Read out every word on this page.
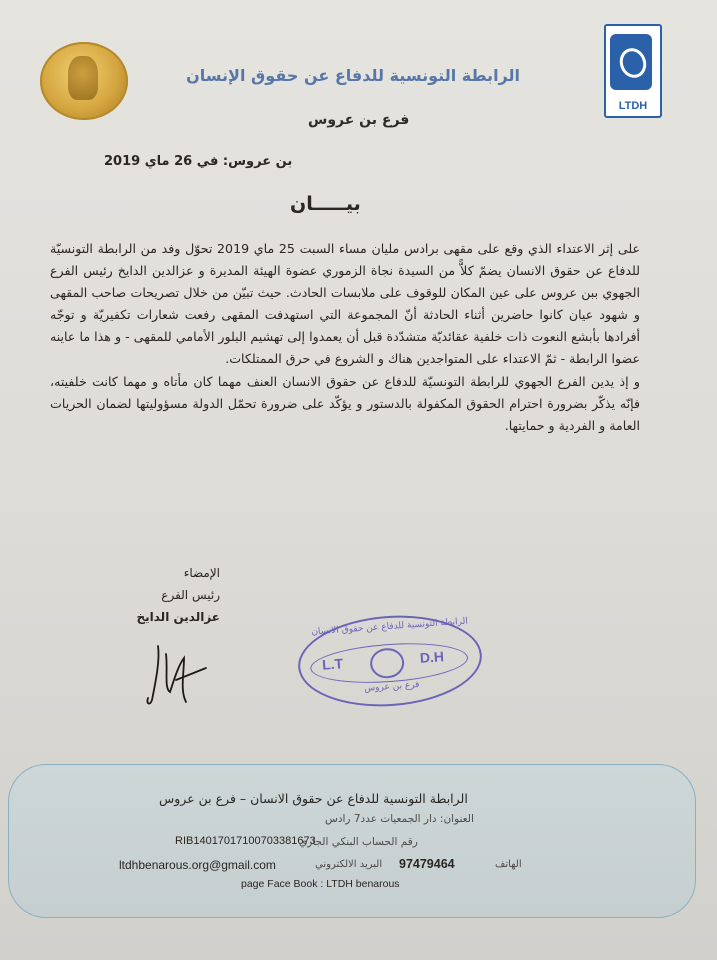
LTDH
الرابطة التونسية للدفاع عن حقوق الإنسان
فرع بن عروس
بن عروس: في 26 ماي 2019
بيـــــان

على إثر الاعتداء الذي وقع على مقهى برادس مليان مساء السبت 25 ماي 2019 تحوّل وفد من الرابطة التونسيّة للدفاع عن حقوق الانسان يضمّ كلاًّ من السيدة نجاة الزموري عضوة الهيئة المديرة و عزالدين الدايخ رئيس الفرع الجهوي ببن عروس على عين المكان للوقوف على ملابسات الحادث. حيث تبيّن من خلال تصريحات صاحب المقهى و شهود عيان كانوا حاضرين أثناء الحادثة أنّ المجموعة التي استهدفت المقهى رفعت شعارات تكفيريّة و توجّه أفرادها بأبشع النعوت ذات خلفية عقائديّة متشدّدة قبل أن يعمدوا إلى تهشيم البلور الأمامي للمقهى - و هذا ما عاينه عضوا الرابطة - ثمّ الاعتداء على المتواجدين هناك و الشروع في حرق الممتلكات.

و إذ يدين الفرع الجهوي للرابطة التونسيّة للدفاع عن حقوق الانسان العنف مهما كان مأتاه و مهما كانت خلفيته، فإنّه يذكّر بضرورة احترام الحقوق المكفولة بالدستور و يؤكّد على ضرورة تحمّل الدولة مسؤوليتها لضمان الحريات العامة و الفردية و حمايتها.

الإمضاء
رئيس الفرع
عزالدين الدايخ	الرابطة التونسية للدفاع عن حقوق الانسان
L.T	D.H
فرع بن عروس
الرابطة التونسية للدفاع عن حقوق الانسان – فرع بن عروس
العنوان: دار الجمعيات عدد7 رادس
RIB14017017100703381673
رقم الحساب البنكي الجاري
ltdhbenarous.org@gmail.com	البريد الالكتروني 97479464	الهاتف
page Face Book : LTDH benarous
